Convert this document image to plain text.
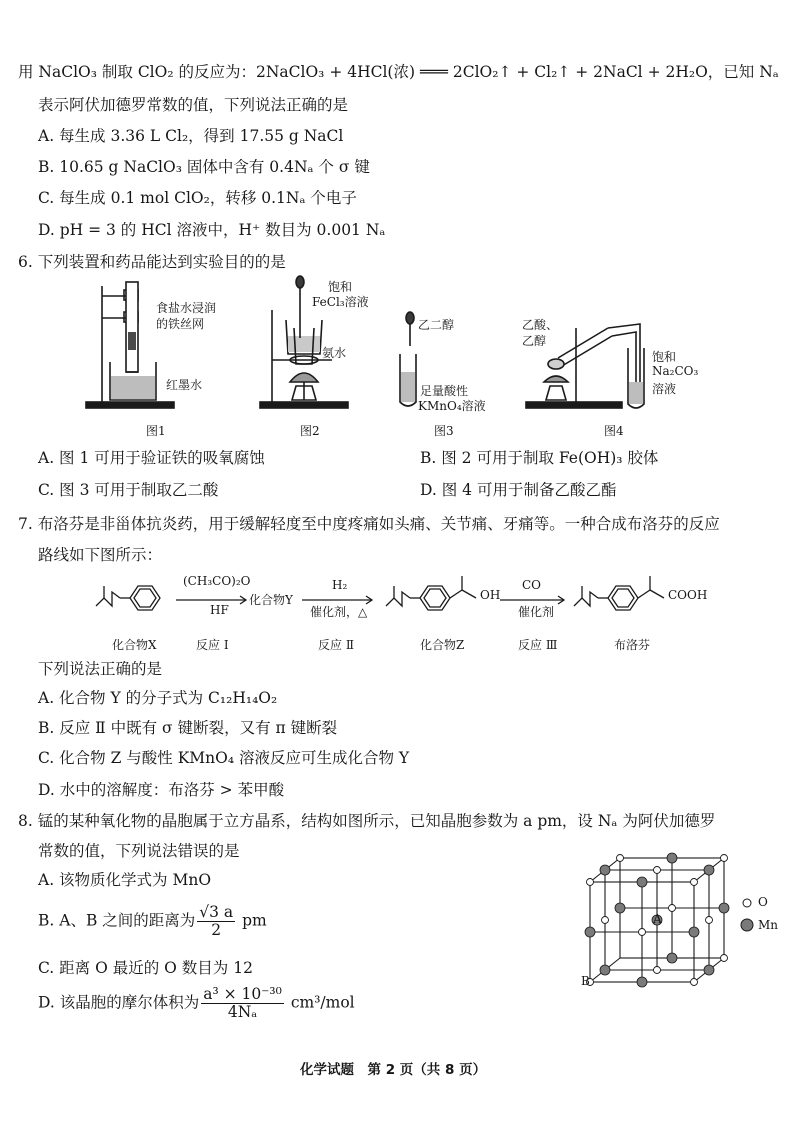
用 NaClO₃ 制取 ClO₂ 的反应为：2NaClO₃ + 4HCl(浓) ═══ 2ClO₂↑ + Cl₂↑ + 2NaCl + 2H₂O，已知 Nₐ
表示阿伏加德罗常数的值，下列说法正确的是
A. 每生成 3.36 L Cl₂，得到 17.55 g NaCl
B. 10.65 g NaClO₃ 固体中含有 0.4Nₐ 个 σ 键
C. 每生成 0.1 mol ClO₂，转移 0.1Nₐ 个电子
D. pH = 3 的 HCl 溶液中，H⁺ 数目为 0.001 Nₐ
6. 下列装置和药品能达到实验目的的是
食盐水浸润
的铁丝网
红墨水
图1
饱和
FeCl₃溶液
氨水
图2
乙二醇
足量酸性
KMnO₄溶液
图3
乙酸、
乙醇
饱和
Na₂CO₃
溶液
图4
A. 图 1 可用于验证铁的吸氧腐蚀	B. 图 2 可用于制取 Fe(OH)₃ 胶体
C. 图 3 可用于制取乙二酸	D. 图 4 可用于制备乙酸乙酯
7. 布洛芬是非甾体抗炎药，用于缓解轻度至中度疼痛如头痛、关节痛、牙痛等。一种合成布洛芬的反应
路线如下图所示：
(CH₃CO)₂O
HF
化合物Y
H₂
催化剂，△
OH
CO
催化剂
COOH
化合物X	反应 Ⅰ	反应 Ⅱ	化合物Z	反应 Ⅲ	布洛芬
下列说法正确的是
A. 化合物 Y 的分子式为 C₁₂H₁₄O₂
B. 反应 Ⅱ 中既有 σ 键断裂，又有 π 键断裂
C. 化合物 Z 与酸性 KMnO₄ 溶液反应可生成化合物 Y
D. 水中的溶解度：布洛芬 > 苯甲酸
8. 锰的某种氧化物的晶胞属于立方晶系，结构如图所示，已知晶胞参数为 a pm，设 Nₐ 为阿伏加德罗
常数的值，下列说法错误的是
A. 该物质化学式为 MnO
B. A、B 之间的距离为 $\frac{√3 a}{2}$ pm
C. 距离 O 最近的 O 数目为 12
D. 该晶胞的摩尔体积为 $\frac{\text{a³ × 10⁻³⁰}}{\text{4Nₐ}} cm^3/mol$
A
B
O
Mn
化学试题　第 2 页（共 8 页）
